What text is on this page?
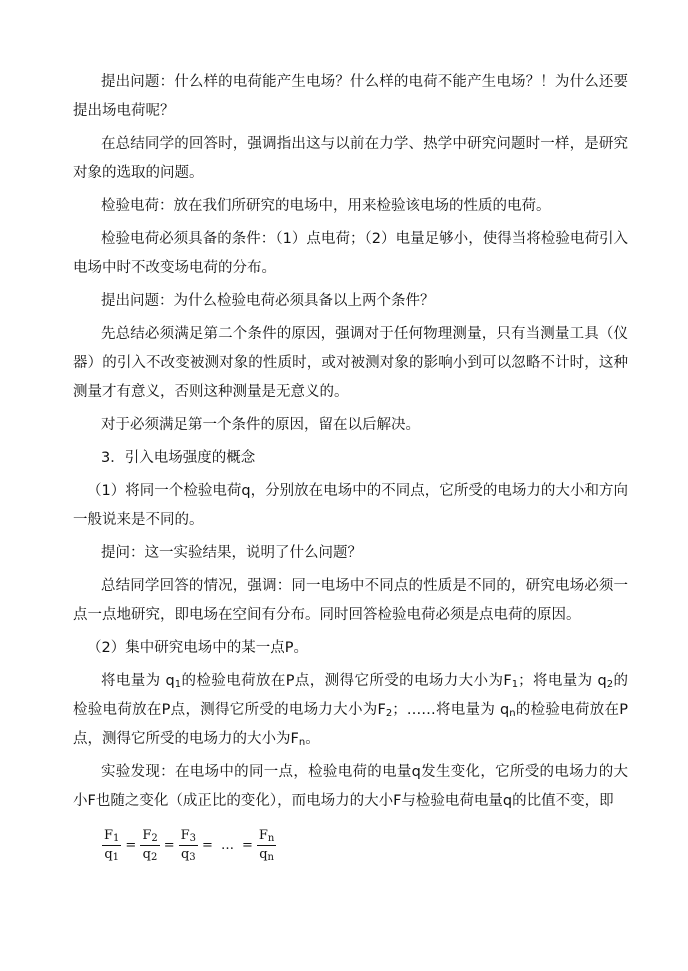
提出问题：什么样的电荷能产生电场？什么样的电荷不能产生电场？！为什么还要提出场电荷呢？

在总结同学的回答时，强调指出这与以前在力学、热学中研究问题时一样，是研究对象的选取的问题。

检验电荷：放在我们所研究的电场中，用来检验该电场的性质的电荷。

检验电荷必须具备的条件：（1）点电荷；（2）电量足够小，使得当将检验电荷引入电场中时不改变场电荷的分布。

提出问题：为什么检验电荷必须具备以上两个条件？

先总结必须满足第二个条件的原因，强调对于任何物理测量，只有当测量工具（仪器）的引入不改变被测对象的性质时，或对被测对象的影响小到可以忽略不计时，这种测量才有意义，否则这种测量是无意义的。

对于必须满足第一个条件的原因，留在以后解决。

3．引入电场强度的概念

（1）将同一个检验电荷q，分别放在电场中的不同点，它所受的电场力的大小和方向一般说来是不同的。

提问：这一实验结果，说明了什么问题？

总结同学回答的情况，强调：同一电场中不同点的性质是不同的，研究电场必须一点一点地研究，即电场在空间有分布。同时回答检验电荷必须是点电荷的原因。

（2）集中研究电场中的某一点P。

将电量为 $q_1$的检验电荷放在P点，测得它所受的电场力大小为$F_1$；将电量为 $q_2$的检验电荷放在P点，测得它所受的电场力大小为$F_2$；……将电量为 $q_n$的检验电荷放在P点，测得它所受的电场力的大小为$F_n$。

实验发现：在电场中的同一点，检验电荷的电量q发生变化，它所受的电场力的大小F也随之变化（成正比的变化），而电场力的大小F与检验电荷电量q的比值不变，即

$\frac{F_1}{q_1} = \frac{F_2}{q_2} = \frac{F_3}{q_3}$ = … = $\frac{F_n}{q_n}$
